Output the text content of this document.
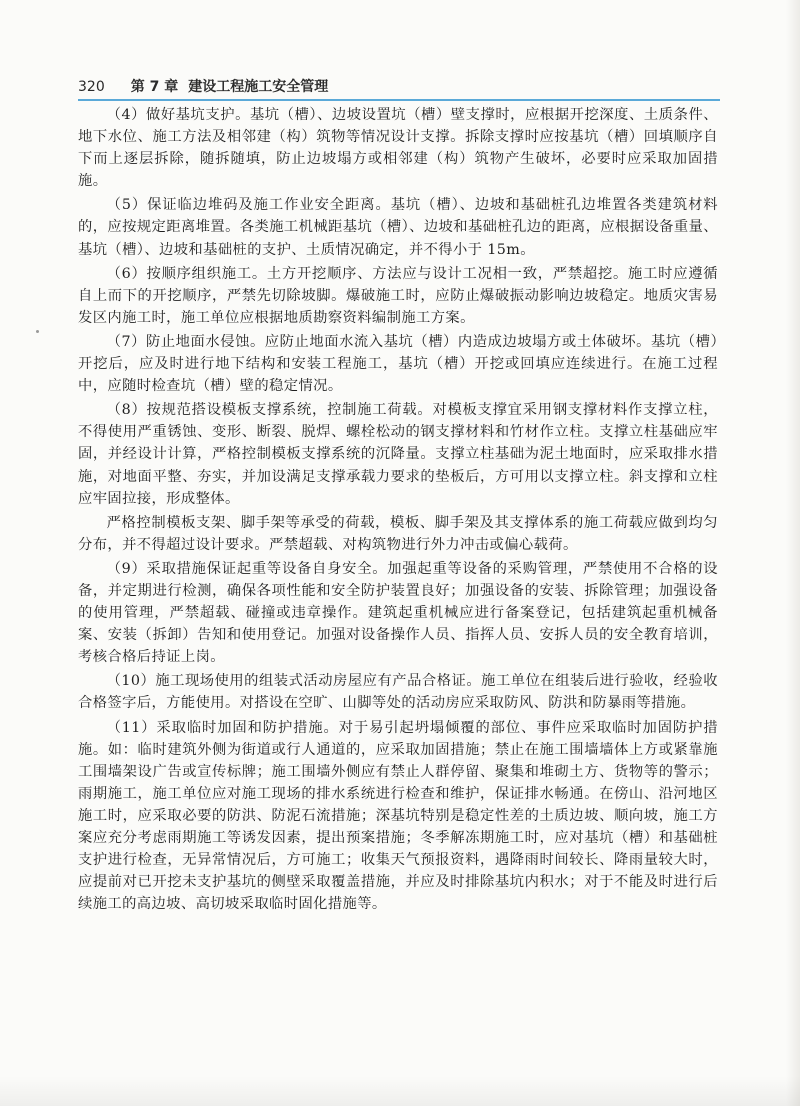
320 第 7 章 建设工程施工安全管理

（4）做好基坑支护。基坑（槽）、边坡设置坑（槽）壁支撑时，应根据开挖深度、土质条件、地下水位、施工方法及相邻建（构）筑物等情况设计支撑。拆除支撑时应按基坑（槽）回填顺序自下而上逐层拆除，随拆随填，防止边坡塌方或相邻建（构）筑物产生破坏，必要时应采取加固措施。

（5）保证临边堆码及施工作业安全距离。基坑（槽）、边坡和基础桩孔边堆置各类建筑材料的，应按规定距离堆置。各类施工机械距基坑（槽）、边坡和基础桩孔边的距离，应根据设备重量、基坑（槽）、边坡和基础桩的支护、土质情况确定，并不得小于 15m。

（6）按顺序组织施工。土方开挖顺序、方法应与设计工况相一致，严禁超挖。施工时应遵循自上而下的开挖顺序，严禁先切除坡脚。爆破施工时，应防止爆破振动影响边坡稳定。地质灾害易发区内施工时，施工单位应根据地质勘察资料编制施工方案。

（7）防止地面水侵蚀。应防止地面水流入基坑（槽）内造成边坡塌方或土体破坏。基坑（槽）开挖后，应及时进行地下结构和安装工程施工，基坑（槽）开挖或回填应连续进行。在施工过程中，应随时检查坑（槽）壁的稳定情况。

（8）按规范搭设模板支撑系统，控制施工荷载。对模板支撑宜采用钢支撑材料作支撑立柱，不得使用严重锈蚀、变形、断裂、脱焊、螺栓松动的钢支撑材料和竹材作立柱。支撑立柱基础应牢固，并经设计计算，严格控制模板支撑系统的沉降量。支撑立柱基础为泥土地面时，应采取排水措施，对地面平整、夯实，并加设满足支撑承载力要求的垫板后，方可用以支撑立柱。斜支撑和立柱应牢固拉接，形成整体。

严格控制模板支架、脚手架等承受的荷载，模板、脚手架及其支撑体系的施工荷载应做到均匀分布，并不得超过设计要求。严禁超载、对构筑物进行外力冲击或偏心载荷。

（9）采取措施保证起重等设备自身安全。加强起重等设备的采购管理，严禁使用不合格的设备，并定期进行检测，确保各项性能和安全防护装置良好；加强设备的安装、拆除管理；加强设备的使用管理，严禁超载、碰撞或违章操作。建筑起重机械应进行备案登记，包括建筑起重机械备案、安装（拆卸）告知和使用登记。加强对设备操作人员、指挥人员、安拆人员的安全教育培训，考核合格后持证上岗。

（10）施工现场使用的组装式活动房屋应有产品合格证。施工单位在组装后进行验收，经验收合格签字后，方能使用。对搭设在空旷、山脚等处的活动房应采取防风、防洪和防暴雨等措施。

（11）采取临时加固和防护措施。对于易引起坍塌倾覆的部位、事件应采取临时加固防护措施。如：临时建筑外侧为街道或行人通道的，应采取加固措施；禁止在施工围墙墙体上方或紧靠施工围墙架设广告或宣传标牌；施工围墙外侧应有禁止人群停留、聚集和堆砌土方、货物等的警示；雨期施工，施工单位应对施工现场的排水系统进行检查和维护，保证排水畅通。在傍山、沿河地区施工时，应采取必要的防洪、防泥石流措施；深基坑特别是稳定性差的土质边坡、顺向坡，施工方案应充分考虑雨期施工等诱发因素，提出预案措施；冬季解冻期施工时，应对基坑（槽）和基础桩支护进行检查，无异常情况后，方可施工；收集天气预报资料，遇降雨时间较长、降雨量较大时，应提前对已开挖未支护基坑的侧壁采取覆盖措施，并应及时排除基坑内积水；对于不能及时进行后续施工的高边坡、高切坡采取临时固化措施等。
